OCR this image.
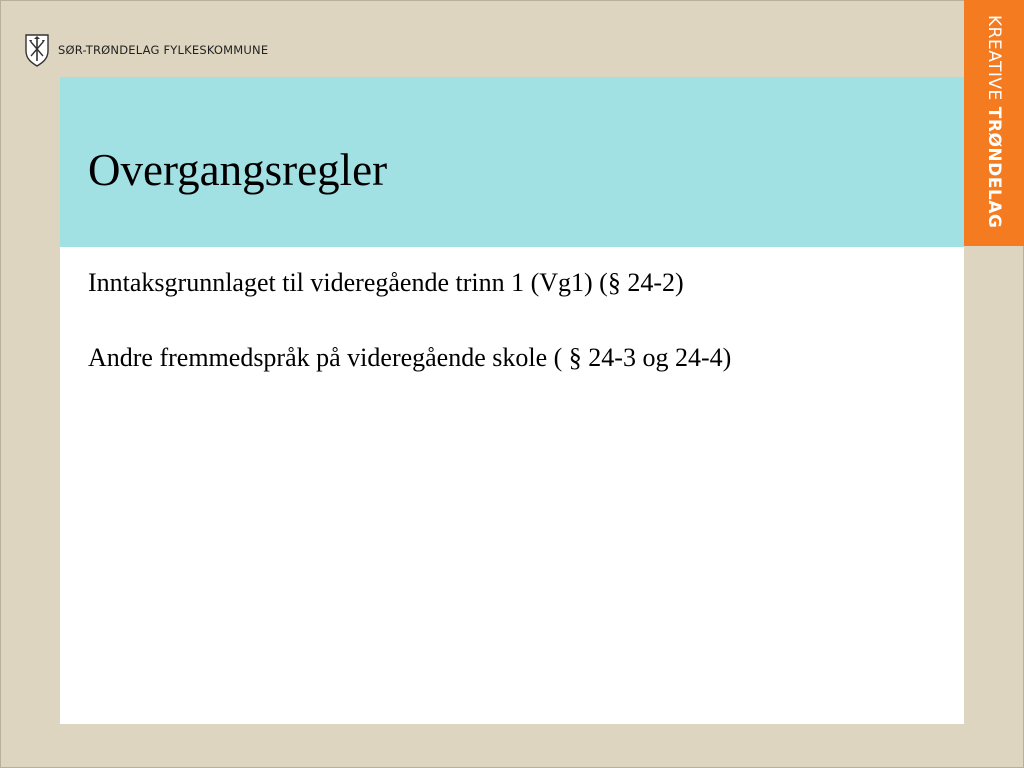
SØR-TRØNDELAG FYLKESKOMMUNE	KREATIVETRØNDELAG
Overgangsregler

Inntaksgrunnlaget til videregående trinn 1 (Vg1) (§ 24-2)

Andre fremmedspråk på videregående skole ( § 24-3 og 24-4)
